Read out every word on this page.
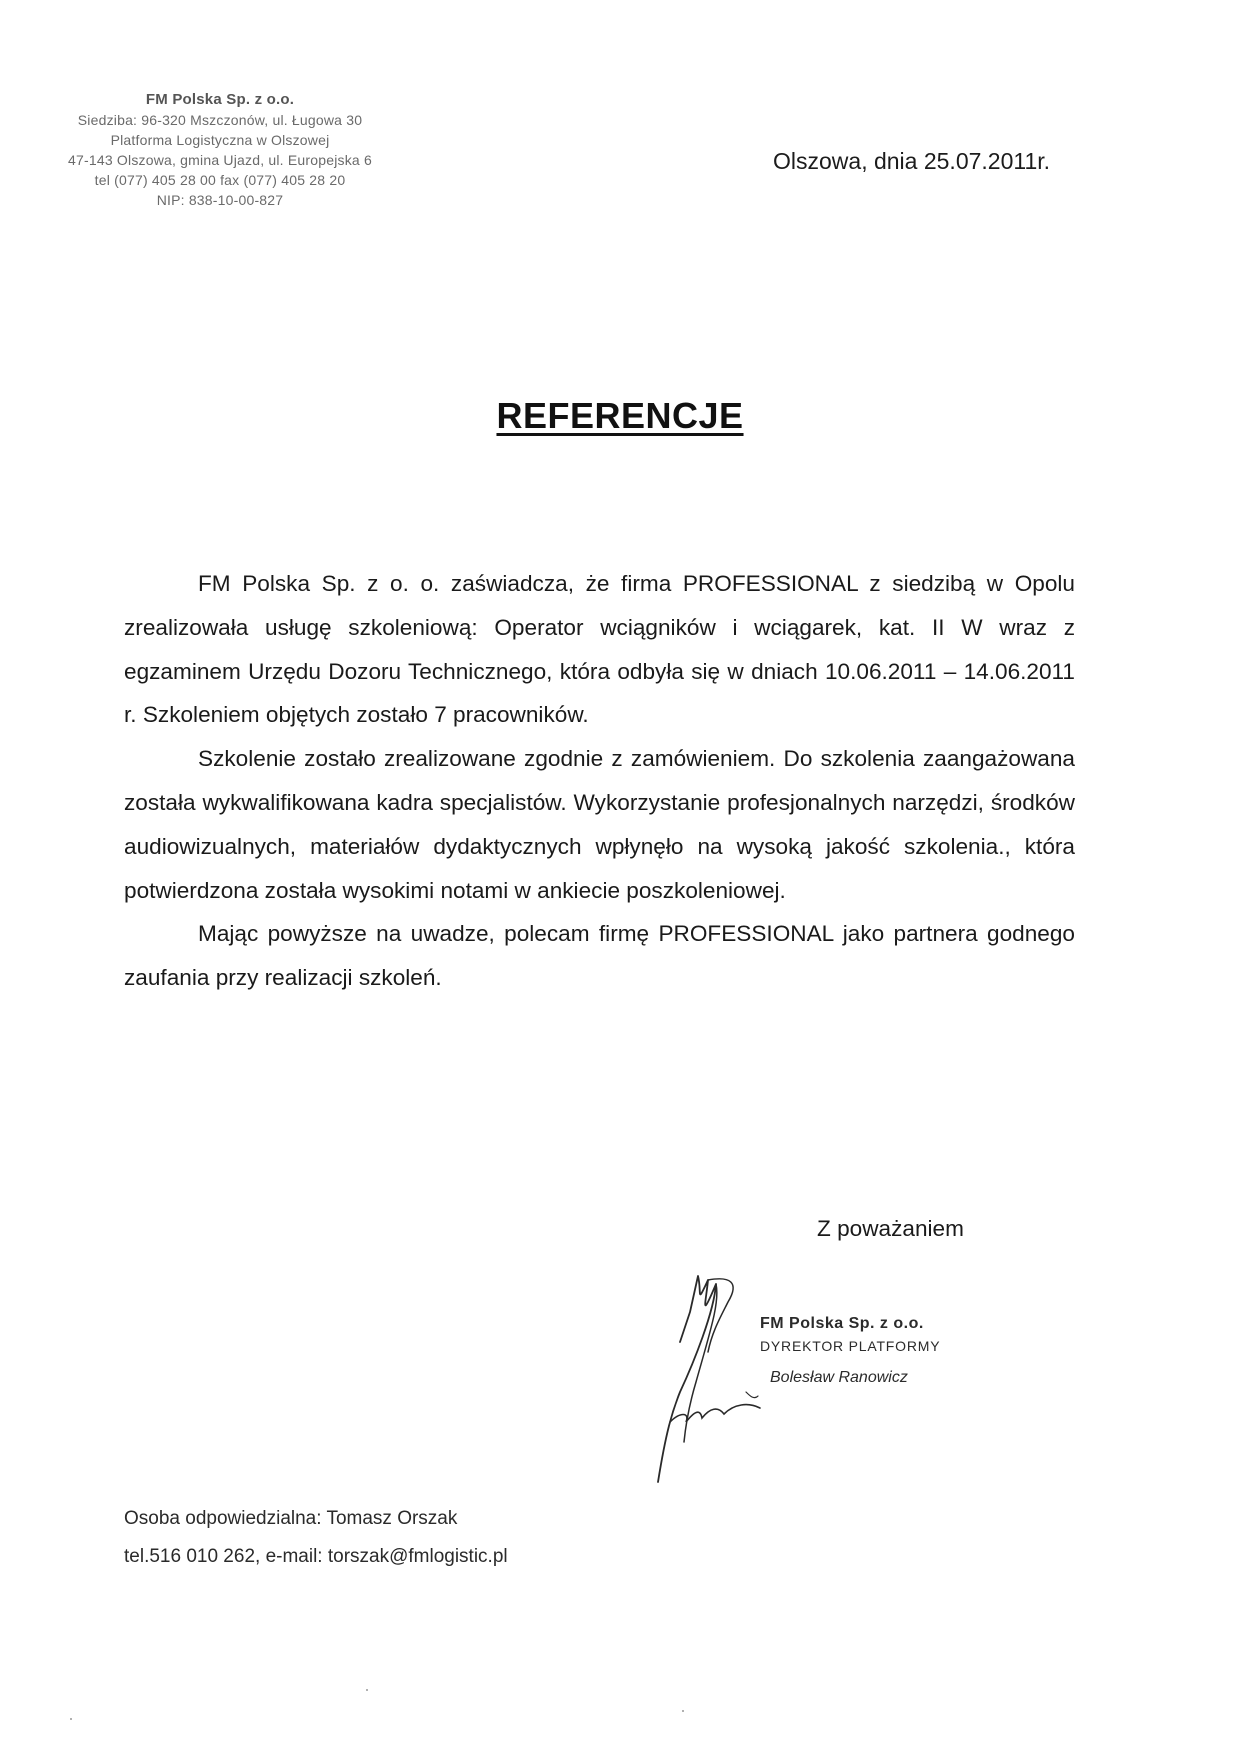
FM Polska Sp. z o.o.
Siedziba: 96-320 Mszczonów, ul. Ługowa 30
Platforma Logistyczna w Olszowej
47-143 Olszowa, gmina Ujazd, ul. Europejska 6
tel (077) 405 28 00 fax (077) 405 28 20
NIP: 838-10-00-827
Olszowa, dnia 25.07.2011r.
REFERENCJE

FM Polska Sp. z o. o. zaświadcza, że firma PROFESSIONAL z siedzibą w Opolu zrealizowała usługę szkoleniową: Operator wciągników i wciągarek, kat. II W wraz z egzaminem Urzędu Dozoru Technicznego, która odbyła się w dniach 10.06.2011 – 14.06.2011 r. Szkoleniem objętych zostało 7 pracowników.

Szkolenie zostało zrealizowane zgodnie z zamówieniem. Do szkolenia zaangażowana została wykwalifikowana kadra specjalistów. Wykorzystanie profesjonalnych narzędzi, środków audiowizualnych, materiałów dydaktycznych wpłynęło na wysoką jakość szkolenia., która potwierdzona została wysokimi notami w ankiecie poszkoleniowej.

Mając powyższe na uwadze, polecam firmę PROFESSIONAL jako partnera godnego zaufania przy realizacji szkoleń.

Z poważaniem
FM Polska Sp. z o.o.
DYREKTOR PLATFORMY
Bolesław Ranowicz
Osoba odpowiedzialna: Tomasz Orszak
tel.516 010 262, e-mail: torszak@fmlogistic.pl
